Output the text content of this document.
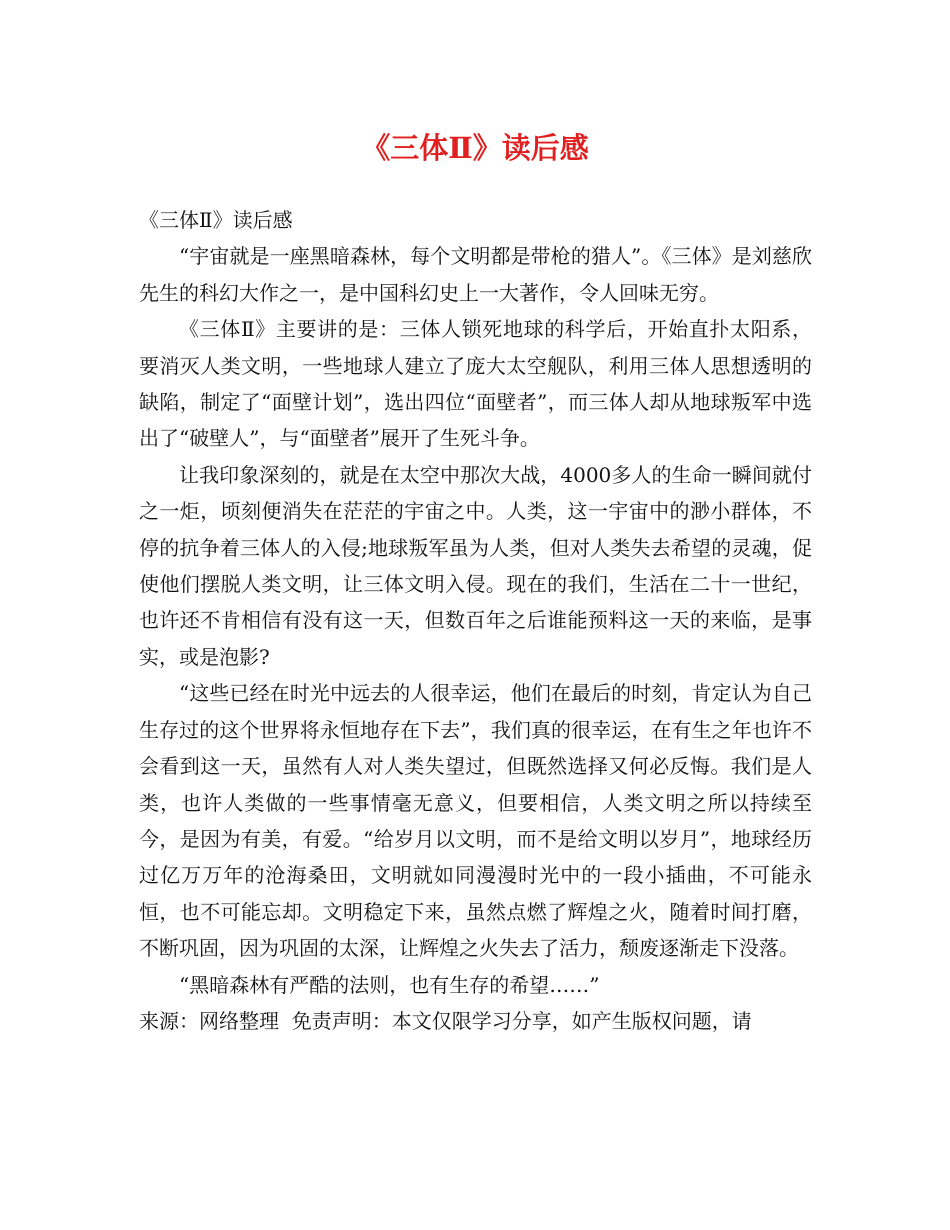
《三体Ⅱ》读后感

《三体Ⅱ》读后感

“宇宙就是一座黑暗森林，每个文明都是带枪的猎人”。《三体》是刘慈欣先生的科幻大作之一，是中国科幻史上一大著作，令人回味无穷。

《三体Ⅱ》主要讲的是：三体人锁死地球的科学后，开始直扑太阳系，要消灭人类文明，一些地球人建立了庞大太空舰队，利用三体人思想透明的缺陷，制定了“面壁计划”，选出四位“面壁者”，而三体人却从地球叛军中选出了“破壁人”，与“面壁者”展开了生死斗争。

让我印象深刻的，就是在太空中那次大战，4000多人的生命一瞬间就付之一炬，顷刻便消失在茫茫的宇宙之中。人类，这一宇宙中的渺小群体，不停的抗争着三体人的入侵;地球叛军虽为人类，但对人类失去希望的灵魂，促使他们摆脱人类文明，让三体文明入侵。现在的我们，生活在二十一世纪，也许还不肯相信有没有这一天，但数百年之后谁能预料这一天的来临，是事实，或是泡影?

“这些已经在时光中远去的人很幸运，他们在最后的时刻，肯定认为自己生存过的这个世界将永恒地存在下去”，我们真的很幸运，在有生之年也许不会看到这一天，虽然有人对人类失望过，但既然选择又何必反悔。我们是人类，也许人类做的一些事情毫无意义，但要相信，人类文明之所以持续至今，是因为有美，有爱。“给岁月以文明，而不是给文明以岁月”，地球经历过亿万万年的沧海桑田，文明就如同漫漫时光中的一段小插曲，不可能永恒，也不可能忘却。文明稳定下来，虽然点燃了辉煌之火，随着时间打磨，不断巩固，因为巩固的太深，让辉煌之火失去了活力，颓废逐渐走下没落。

“黑暗森林有严酷的法则，也有生存的希望……”

来源：网络整理  免责声明：本文仅限学习分享，如产生版权问题，请
